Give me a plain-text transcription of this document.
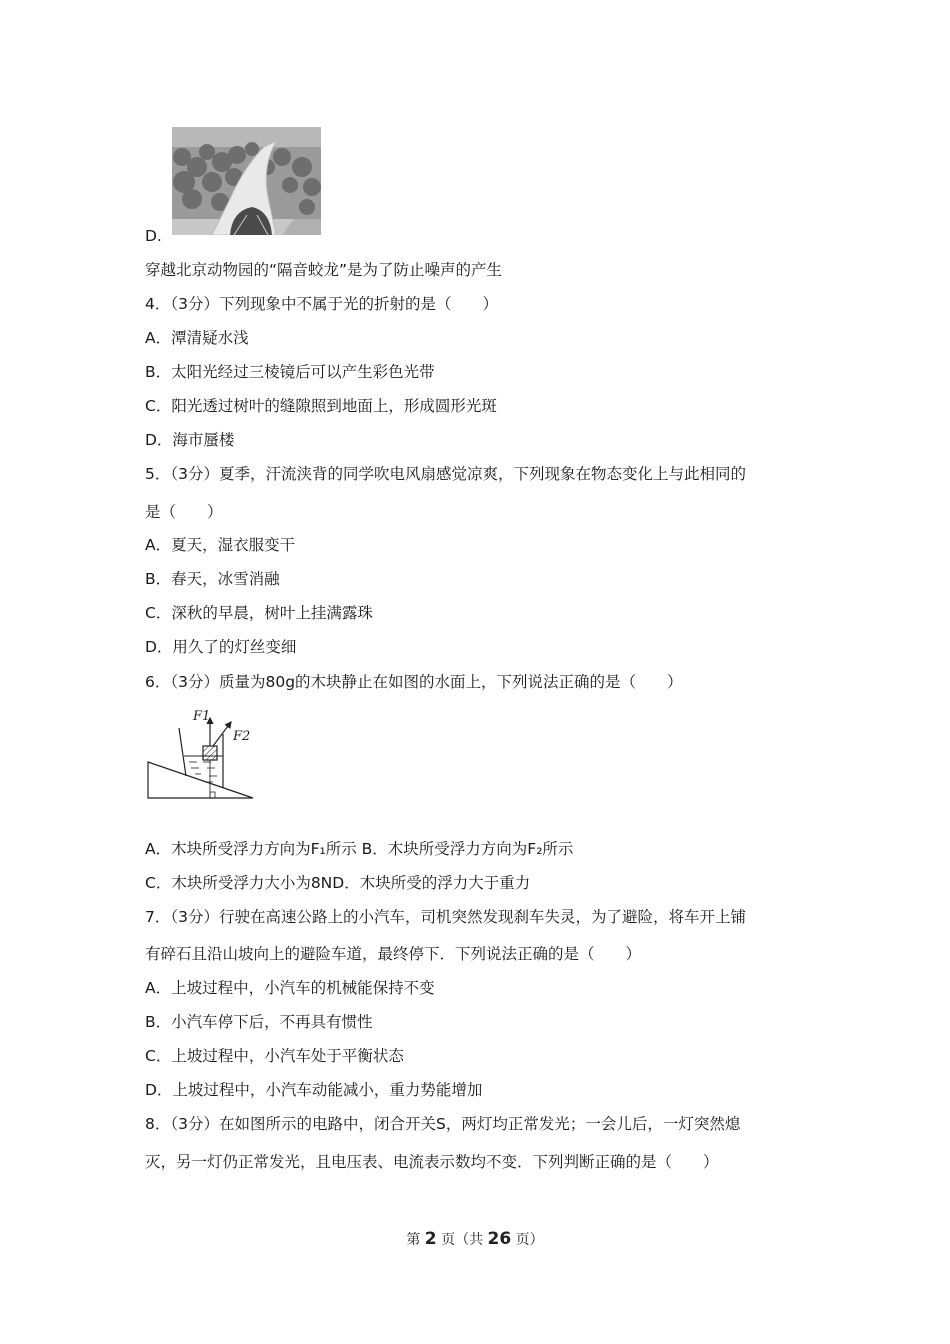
D.
穿越北京动物园的“隔音蛟龙”是为了防止噪声的产生
4．（3分）下列现象中不属于光的折射的是（　　）
A．潭清疑水浅
B．太阳光经过三棱镜后可以产生彩色光带
C．阳光透过树叶的缝隙照到地面上，形成圆形光斑
D．海市蜃楼
5．（3分）夏季，汗流浃背的同学吹电风扇感觉凉爽，下列现象在物态变化上与此相同的
是（　　）
A．夏天，湿衣服变干
B．春天，冰雪消融
C．深秋的早晨，树叶上挂满露珠
D．用久了的灯丝变细
6．（3分）质量为80g的木块静止在如图的水面上，下列说法正确的是（　　）
F1
F2
A．木块所受浮力方向为F₁所示 B．木块所受浮力方向为F₂所示
C．木块所受浮力大小为8ND．木块所受的浮力大于重力
7．（3分）行驶在高速公路上的小汽车，司机突然发现刹车失灵，为了避险，将车开上铺
有碎石且沿山坡向上的避险车道，最终停下．下列说法正确的是（　　）
A．上坡过程中，小汽车的机械能保持不变
B．小汽车停下后，不再具有惯性
C．上坡过程中，小汽车处于平衡状态
D．上坡过程中，小汽车动能减小，重力势能增加
8．（3分）在如图所示的电路中，闭合开关S，两灯均正常发光；一会儿后，一灯突然熄
灭，另一灯仍正常发光，且电压表、电流表示数均不变．下列判断正确的是（　　）
第 2 页（共 26 页）
